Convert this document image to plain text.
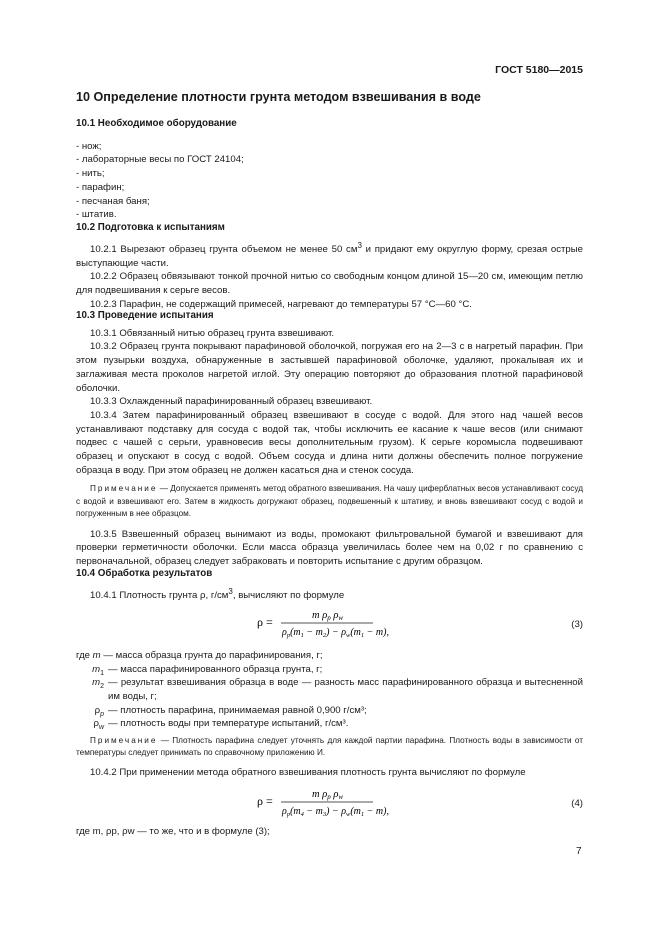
ГОСТ 5180—2015
10 Определение плотности грунта методом взвешивания в воде
10.1 Необходимое оборудование
- нож;
- лабораторные весы по ГОСТ 24104;
- нить;
- парафин;
- песчаная баня;
- штатив.
10.2 Подготовка к испытаниям

10.2.1 Вырезают образец грунта объемом не менее 50 $см^3$ и придают ему округлую форму, срезая острые выступающие части.

10.2.2 Образец обвязывают тонкой прочной нитью со свободным концом длиной 15—20 см, имеющим петлю для подвешивания к серьге весов.

10.2.3 Парафин, не содержащий примесей, нагревают до температуры 57 °С—60 °С.

10.3 Проведение испытания

10.3.1 Обвязанный нитью образец грунта взвешивают.

10.3.2 Образец грунта покрывают парафиновой оболочкой, погружая его на 2—3 с в нагретый парафин. При этом пузырьки воздуха, обнаруженные в застывшей парафиновой оболочке, удаляют, прокалывая их и заглаживая места проколов нагретой иглой. Эту операцию повторяют до образования плотной парафиновой оболочки.

10.3.3 Охлажденный парафинированный образец взвешивают.

10.3.4 Затем парафинированный образец взвешивают в сосуде с водой. Для этого над чашей весов устанавливают подставку для сосуда с водой так, чтобы исключить ее касание к чаше весов (или снимают подвес с чашей с серьги, уравновесив весы дополнительным грузом). К серьге коромысла подвешивают образец и опускают в сосуд с водой. Объем сосуда и длина нити должны обеспечить полное погружение образца в воду. При этом образец не должен касаться дна и стенок сосуда.

Примечание — Допускается применять метод обратного взвешивания. На чашу циферблатных весов устанавливают сосуд с водой и взвешивают его. Затем в жидкость догружают образец, подвешенный к штативу, и вновь взвешивают сосуд с водой и погруженным в нее образцом.

10.3.5 Взвешенный образец вынимают из воды, промокают фильтровальной бумагой и взвешивают для проверки герметичности оболочки. Если масса образца увеличилась более чем на 0,02 г по сравнению с первоначальной, образец следует забраковать и повторить испытание с другим образцом.

10.4 Обработка результатов

10.4.1 Плотность грунта ρ, $г/см^3$, вычисляют по формуле

ρ =	m ρp ρw
$\rho_p(m_1 - m_2) - \rho_w(m_1 - m)$,
(3)
где m — масса образца грунта до парафинирования, г;
$m_1$ — масса парафинированного образца грунта, г;
$m_2$ — результат взвешивания образца в воде — разность масс парафинированного образца и вытесненной им воды, г;
$\rho_p$ — плотность парафина, принимаемая равной 0,900 г/см³;
$\rho_w$ — плотность воды при температуре испытаний, г/см³.
Примечание — Плотность парафина следует уточнять для каждой партии парафина. Плотность воды в зависимости от температуры следует принимать по справочному приложению И.

10.4.2 При применении метода обратного взвешивания плотность грунта вычисляют по формуле

ρ =	m ρp ρw
$\rho_p(m_4 - m_3) - \rho_w(m_1 - m)$,
(4)

где m, ρp, ρw — то же, что и в формуле (3);

7
